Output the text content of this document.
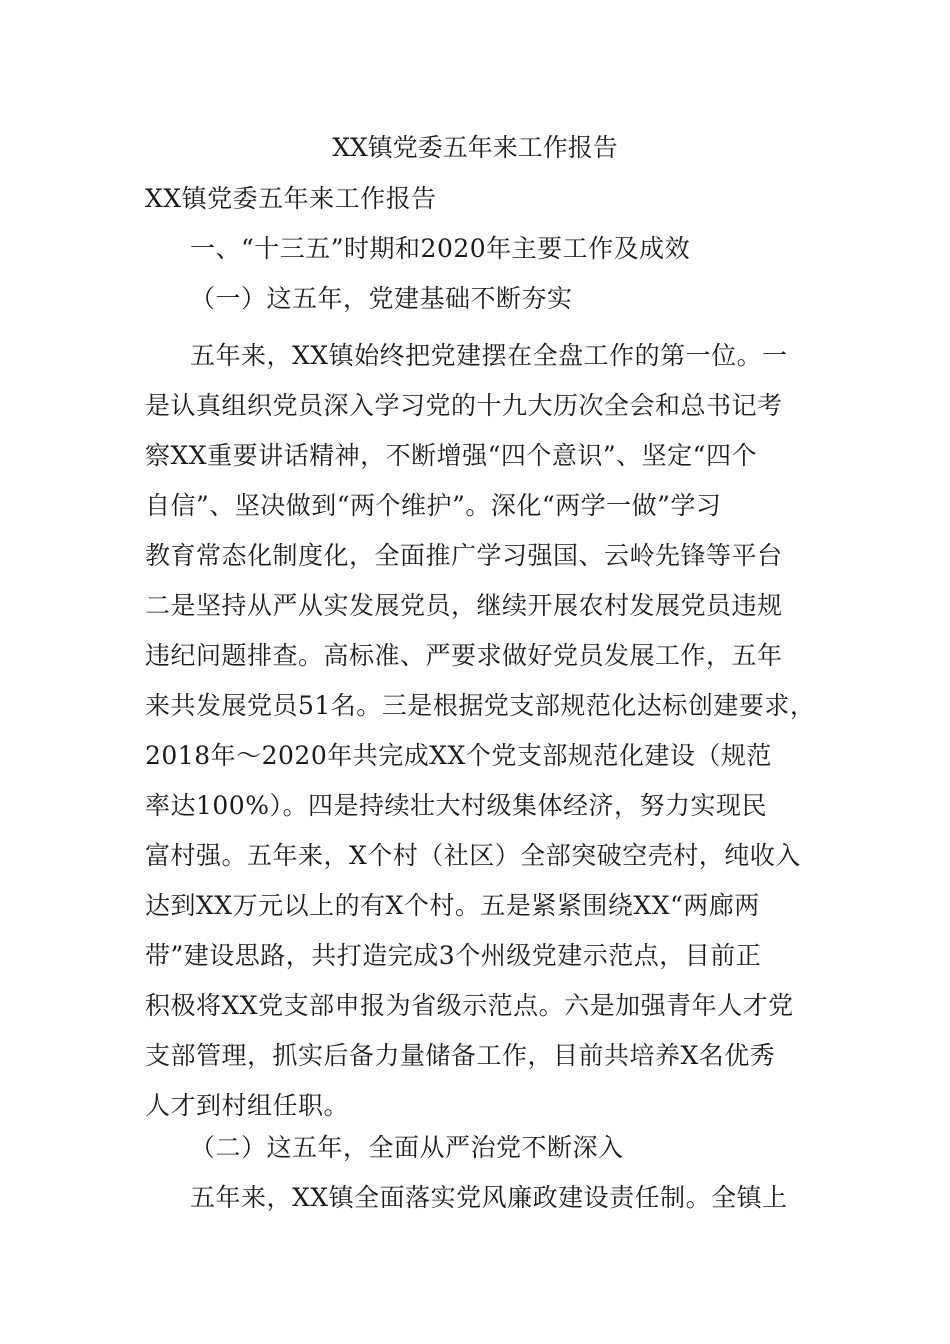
XX镇党委五年来工作报告

XX镇党委五年来工作报告

一、“十三五”时期和2020年主要工作及成效

（一）这五年，党建基础不断夯实

五年来，XX镇始终把党建摆在全盘工作的第一位。一
是认真组织党员深入学习党的十九大历次全会和总书记考
察XX重要讲话精神，不断增强“四个意识”、坚定“四个
自信”、坚决做到“两个维护”。深化“两学一做”学习
教育常态化制度化，全面推广学习强国、云岭先锋等平台
二是坚持从严从实发展党员，继续开展农村发展党员违规
违纪问题排查。高标准、严要求做好党员发展工作，五年
来共发展党员51名。三是根据党支部规范化达标创建要求，
2018年～2020年共完成XX个党支部规范化建设（规范
率达100%）。四是持续壮大村级集体经济，努力实现民
富村强。五年来，X个村（社区）全部突破空壳村，纯收入
达到XX万元以上的有X个村。五是紧紧围绕XX“两廊两
带”建设思路，共打造完成3个州级党建示范点，目前正
积极将XX党支部申报为省级示范点。六是加强青年人才党
支部管理，抓实后备力量储备工作，目前共培养X名优秀
人才到村组任职。

（二）这五年，全面从严治党不断深入

五年来，XX镇全面落实党风廉政建设责任制。全镇上
